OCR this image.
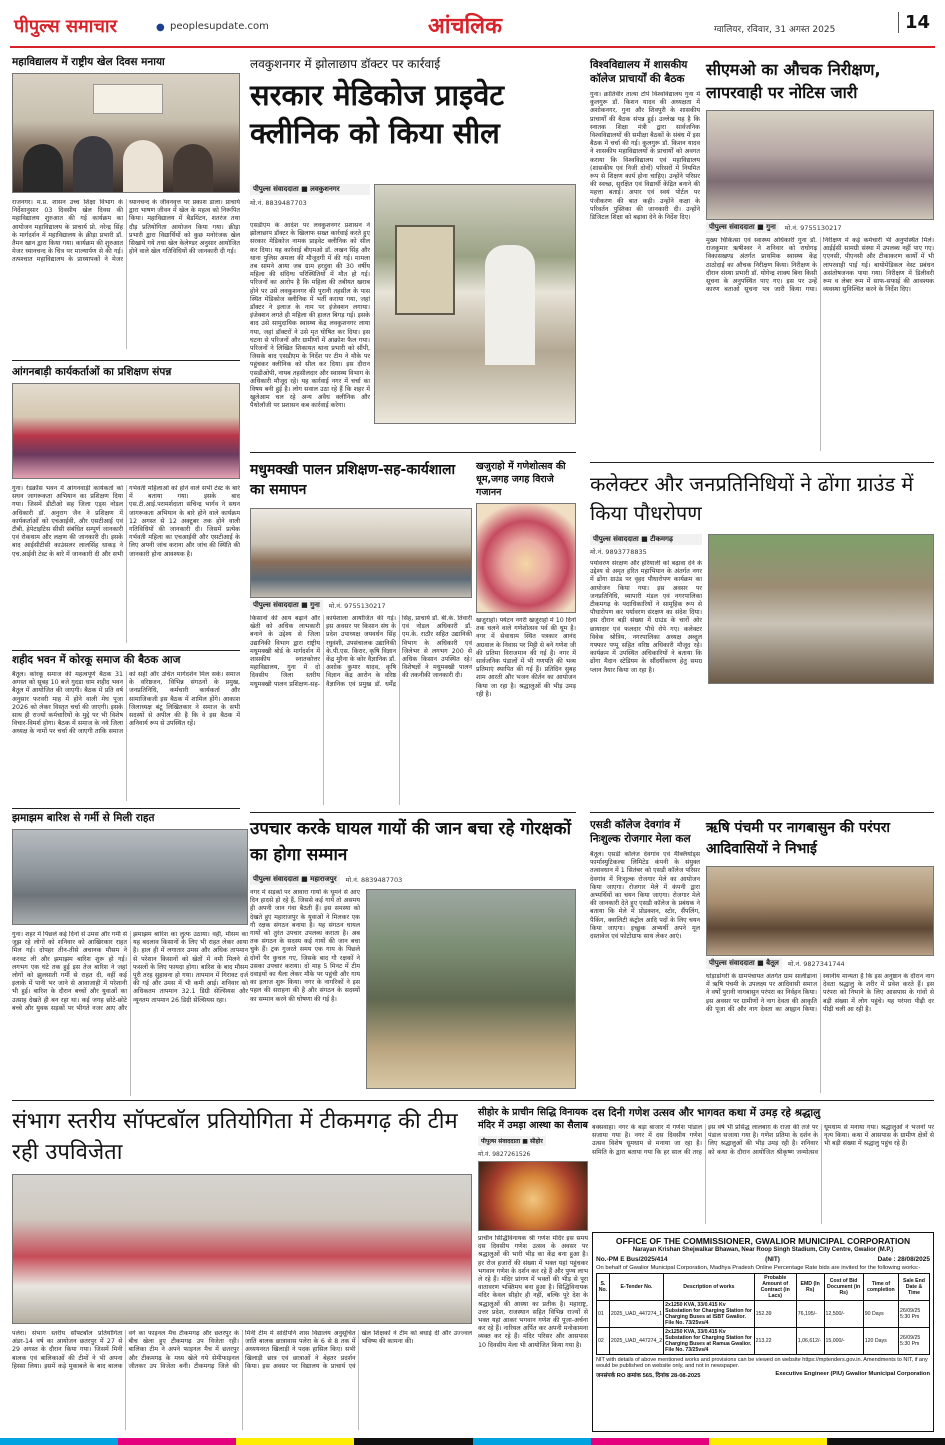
पीपुल्स समाचार	● peoplesupdate.com	आंचलिक	ग्वालियर, रविवार, 31 अगस्त 2025	14
महाविद्यालय में राष्ट्रीय खेल दिवस मनाया
राजनगर। म.प्र. शासन उच्च शिक्षा विभाग के निर्देशानुसार 03 दिवसीय खेल दिवस की महाविद्यालय शुरुआत की गई कार्यक्रम का आयोजन महाविद्यालय के प्राचार्य प्रो. नरेन्द्र सिंह के मार्गदर्शन में महाविद्यालय के क्रीड़ा प्रभारी डॉ. तैमन खान द्वारा किया गया। कार्यक्रम की शुरुआत मेजर ध्यानचन्द के चित्र पर माल्यार्पण से की गई। तत्पश्चात महाविद्यालय के प्राध्यापकों ने मेजर ध्यानचन्द के जीवनवृत्त पर प्रकाश डाला। प्राचार्य द्वारा भाषण जीवन में खेल के महत्व को निरूपित किया। महाविद्यालय में बैडमिंटन, शतरंज तथा दौड़ प्रतियोगिता आयोजन किया गया। क्रीड़ा प्रभारी द्वारा विद्यार्थियों को कुछ मनोरंजक खेल सिखाये गये तथा खेल केलेण्डर अनुसार आयोजित होने वाले खेल गतिविधियों की जानकारी दी गई।
आंगनबाड़ी कार्यकर्ताओं का प्रशिक्षण संपन्न
गुना। रेडक्रॉस भवन में आंगनवाड़ी कार्यकर्ता को सघन जागरूकता अभियान का प्रशिक्षण दिया गया। जिसमें डीटीओ सह जिला एड्स नोडल अधिकारी डॉ. अनुराग जैन ने प्रशिक्षण में कार्यकर्ताओं को एचआईवी, और एसटीआई एवं टीबी, हेपेटाइटिस सीसी संबंधित सम्पूर्ण जानकारी एवं रोकथाम और लक्षण की जानकारी दी। इसके बाद आईसीटीसी काउंसलर लालसिंह धाकड़ ने एच.आईवी टेस्ट के बारे में जानकारी दी और सभी गर्भवती महिलाओं को होने वाले सभी टेस्ट के बारे में बताया गया। इसके बाद एस.टी.आई.परामर्शदाता सचिन्द्र भार्गव ने सघन जागरूकता अभियान के बारे होने वाले कार्यक्रम 12 अगस्त से 12 अक्टूबर तक होने वाली गतिविधियों की जानकारी दी। जिसमें प्रत्येक गर्भवती महिला का एचआईवी और एसटीआई के लिए अपनी जांच कराना और जांच की स्थिति की जानकारी होना आवश्यक है।
शहीद भवन में कोरकू समाज की बैठक आज
बैतूल। कोरकू समाज की महत्वपूर्ण बैठक 31 अगस्त को सुबह 10 बजे गुदडा धाम शहीद भवन बैतूल में आयोजित की जाएगी। बैठक में प्रति वर्ष अनुसार फरवरी माह में होने वाली मेघ पूजा 2026 को लेकर विस्तृत चर्चा की जाएगी। इसके साथ ही राज्यों कर्मचारियों के मुद्दे पर भी विशेष विचार-विमर्श होगा। बैठक में समाज के नये जिला अध्यक्ष के नामों पर चर्चा की जाएगी ताकि समाज को सही और उचित मार्गदर्शन मिल सके। समाज के वरिष्ठजन, विभिन्न संगठनों के प्रमुख, जनप्रतिनिधि, कर्मचारी कार्यकर्ता और सामाजिकजी इस बैठक में शामिल होंगे। आकाश जिलाध्यक्ष बंटू लिखितकार ने समाज के सभी सदस्यों से अपील की है कि वे इस बैठक में अनिवार्य रूप से उपस्थित रहें।
झमाझम बारिश से गर्मी से मिली राहत
गुना। शहर में पिछले कई दिनों से उमस और गर्मी से जूझ रहे लोगों को शनिवार को आखिरकार राहत मिल गई। दोपहर तीन-तीसे अचानक मौसम ने करवट ली और झमाझम बारिश शुरू हो गई। लगभग एक घंटे तक हुई इस तेज बारिश ने जहां लोगों को झुलसाती गर्मी से राहत दी, वहीं कई इलाके में पानी भर जाने से आवाजाही में परेशानी भी हुई। बारिश के दौरान बच्चों और युवाओं का उत्साह देखते ही बन रहा था। कई जगह छोटे-छोटे बच्चे और युवक सड़कों पर भीगते नजर आए और झमाझम बारिश का लुत्फ उठाया। वहीं, मौसम का यह बदलाव किसानों के लिए भी राहत लेकर आया है। हाल ही में लगातार उमस और अधिक तापमान से परेशान किसानों को खेतों में नमी मिलने से फसलों के लिए फायदा होगा। बारिश के बाद मौसम पूरी तरह सुहावना हो गया। तापमान में गिरावट दर्ज की गई और उमस में भी कमी आई। शनिवार को अधिकतम तापमान 32.1 डिग्री सेल्सियस और न्यूनतम तापमान 26 डिग्री सेल्सियस रहा।
लवकुशनगर में झोलाछाप डॉक्टर पर कार्रवाई
सरकार मेडिकोज प्राइवेट क्लीनिक को किया सील
पीपुल्स संवाददाता ■ लवकुशनगर
मो.नं. 8839487703
एसडीएम के आदेश पर लवकुशनगर प्रशासन ने झोलाछाप डॉक्टर के खिलाफ सख्त कार्रवाई करते हुए सरकार मेडिकोज नामक प्राइवेट क्लीनिक को सील कर दिया। यह कार्रवाई बीएमओ डॉ. लखन सिंह और थाना पुलिस अमला की मौजूदगी में की गई। मामला तब सामने आया जब ग्राम हरदुवा की 30 वर्षीय महिला की संदिग्ध परिस्थितियों में मौत हो गई। परिजनों का आरोप है कि महिला की तबीयत खराब होने पर उसे लवकुशनगर की पुरानी तहसील के पास स्थित मेडिकोज क्लीनिक में भर्ती कराया गया, जहां डॉक्टर ने इलाज के नाम पर इंजेक्शन लगाया। इंजेक्शन लगते ही महिला की हालत बिगड़ गई। इसके बाद उसे सामुदायिक स्वास्थ्य केंद्र लवकुशनगर लाया गया, जहां डॉक्टरों ने उसे मृत घोषित कर दिया। इस घटना से परिजनों और ग्रामीणों में आक्रोश फैल गया। परिजनों ने लिखित शिकायत थाना प्रभारी को सौंपी, जिसके बाद एसडीएम के निर्देश पर टीम ने मौके पर पहुंचकर क्लीनिक को सील कर दिया। इस दौरान एसडीओपी, नायब तहसीलदार और स्वास्थ्य विभाग के अधिकारी मौजूद रहे। यह कार्रवाई नगर में चर्चा का विषय बनी हुई है। लोग सवाल उठा रहे हैं कि शहर में खुलेआम चल रहे अन्य अवैध क्लीनिक और पैथोलॉजी पर प्रशासन कब कार्रवाई करेगा।
मधुमक्खी पालन प्रशिक्षण-सह-कार्यशाला का समापन
पीपुल्स संवाददाता ■ गुना	मो.नं. 9755130217
किसानों की आय बढ़ाने और खेती को अधिक लाभकारी बनाने के उद्देश्य से जिला उद्यानिकी विभाग द्वारा राष्ट्रीय मधुमक्खी बोर्ड के मार्गदर्शन में शासकीय स्नातकोत्तर महाविद्यालय, गुना में दो दिवसीय जिला स्तरीय मधुमक्खी पालन प्रशिक्षण-सह-कार्यशाला आयोजित की गई। इस अवसर पर किसान संघ के प्रदेश उपाध्यक्ष जयवर्धन सिंह रघुवंशी, उपसंचालक उद्यानिकी के.पी.एस. किरार, कृषि विज्ञान केंद्र मुरैना के कोर वैज्ञानिक डॉ. अशोक कुमार यादव, कृषि विज्ञान केंद्र आरोन के वरिष्ठ वैज्ञानिक एवं प्रमुख डॉ. धर्मेंद्र सिंह, प्राचार्य डॉ. बी.के. तिवारी एवं नोडल अधिकारी डॉ. एम.के. राठौर सहित उद्यानिकी विभाग के अधिकारी एवं जिलेभर से लगभग 200 से अधिक किसान उपस्थित रहे। विशेषज्ञों ने मधुमक्खी पालन की तकनीकी जानकारी दी।
खजुराहो में गणेशोत्सव की धूम,जगह जगह विराजे गजानन
खजुराहो। पर्यटन नगरी खजुराहो में 10 दिनों तक चलने वाले गणेशोत्सव पर्व की धूम है। नगर में सेवाधाम स्थित पत्रकार आनंद अग्रवाल के निवास पर मिट्टी से बने गणेश जी की प्रतिमा विराजमान की गई है। नगर में सार्वजनिक पंडालों में भी गणपति की भव्य प्रतिमाएं स्थापित की गई हैं। प्रतिदिन सुबह शाम आरती और भजन कीर्तन का आयोजन किया जा रहा है। श्रद्धालुओं की भीड़ उमड़ रही है।
उपचार करके घायल गायों की जान बचा रहे गोरक्षकों का होगा सम्मान
पीपुल्स संवाददाता ■ महाराजपुर	मो.नं. 8839487703
नगर में सड़कों पर आवारा गायों के घूमने से आए दिन हादसे हो रहे हैं, जिससे कई गायें तो असमय ही अपनी जान गंवा बैठती हैं। इस समस्या को देखते हुए महाराजपुर के युवाओं ने मिलकर एक गौ रक्षक संगठन बनाया है। यह संगठन घायल गायों को तुरंत उपचार उपलब्ध कराता है। अब तक संगठन के सदस्य कई गायों की जान बचा चुके हैं। ट्रक गुजरते समय एक गाय के पिछले दोनों पैर कुचल गए, जिसके बाद गौ रक्षकों ने उसका उपचार कराया। दो माह 5 मिनट में टीम दवाइयों का थैला लेकर मौके पर पहुंची और गाय का इलाज शुरू किया। नगर के नागरिकों ने इस पहल की सराहना की है और संगठन के सदस्यों का सम्मान करने की घोषणा की गई है।
संभाग स्तरीय सॉफ्टबॉल प्रतियोगिता में टीकमगढ़ की टीम रही उपविजेता
पलेरा। संभाग स्तरीय सॉफ्टबॉल प्रतियोगिता अंडर-14 वर्ष का आयोजन छतरपुर में 27 से 29 अगस्त के दौरान किया गया। जिसमें मिनी बालक एवं बालिकाओं की टीमों ने भी अपना हिस्सा लिया। इसमें कड़े मुकाबले के बाद बालक वर्ग का फाइनल मैच टीकमगढ़ और छतरपुर के बीच खेला हुए टीकमगढ़ उप विजेता रही। बालिका टीम ने अपने फाइनल मैच में छतरपुर और टीकमगढ़ के मध्य खेले गये सेमीफाइनल जीतकर उप विजेता बनी। टीकमगढ़ जिले की मिनी टीम में सांदीपनि शास विद्यालय अनुसूचित जाति बालक छात्रावास पलेरा के 6 से 8 तक में अध्ययनरत खिलाड़ी ने पदक हासिल किए। सभी खिलाड़ी छात्र एवं छात्राओं ने बेहतर प्रदर्शन किया। इस अवसर पर विद्यालय के प्राचार्य एवं खेल शिक्षकों ने टीम को बधाई दी और उज्ज्वल भविष्य की कामना की।
विश्वविद्यालय में शासकीय कॉलेज प्राचार्यों की बैठक
गुना। क्रांतिवीर तात्या टोपे विश्वविद्यालय गुना में कुलगुरू डॉ. किशन यादव की अध्यक्षता में अशोकनगर, गुना और शिवपुरी के शासकीय प्राचार्यों की बैठक संपन्न हुई। उल्लेख यह है कि स्नातक शिक्षा मंत्री द्वारा सार्वजनिक विश्वविद्यालयों की समीक्षा बैठकों के संबंध में इस बैठक में चर्चा की गई। कुलगुरू डॉ. किशन यादव ने शासकीय महाविद्यालयों के प्राचार्यों को अवगत कराया कि विश्वविद्यालय एवं महाविद्यालय (शासकीय एवं निजी दोनों) परिसरों में नियमित रूप से शिक्षण कार्य होना चाहिए। उन्होंने परिसर की स्वच्छ, सुरक्षित एवं विद्यार्थी केंद्रित बनाने की महत्ता बताई। अपार एवं स्वयं पोर्टल पर पंजीकरण की बात कही। उन्होंने कक्षा के परिवर्तन पुस्तिका की जानकारी दी। उन्होंने डिजिटल शिक्षा को बढ़ावा देने के निर्देश दिए।
सीएमओ का औचक निरीक्षण, लापरवाही पर नोटिस जारी
पीपुल्स संवाददाता ■ गुना	मो.नं. 9755130217
मुख्य चिकित्सा एवं स्वास्थ्य अधिकारी गुना डॉ. राजकुमार ऋषीश्वर ने शनिवार को राघोगढ़ विकासखण्ड अंतर्गत प्राथमिक स्वास्थ्य केंद्र ठाठोदाई का औचक निरीक्षण किया। निरीक्षण के दौरान संस्था प्रभारी डॉ. योगेन्द्र शाक्य बिना किसी सूचना के अनुपस्थित पाए गए। इस पर उन्हें कारण बताओ सूचना पत्र जारी किया गया। निरीक्षण में कई कर्मचारी भी अनुपस्थित मिले। आईईसी सामग्री संस्था में उपलब्ध नहीं पाए गए। एएनसी, पीएनसी और टीकाकरण कार्यों में भी लापरवाही पाई गई। बायोमेडिकल वेस्ट प्रबंधन असंतोषजनक पाया गया। निरीक्षण में डिलीवरी रूम व लेबर रूम में साफ-सफाई की आवश्यक व्यवस्था सुनिश्चित करने के निर्देश दिए।
कलेक्टर और जनप्रतिनिधियों ने ढोंगा ग्राउंड में किया पौधरोपण
पीपुल्स संवाददाता ■ टीकमगढ़
मो.नं. 9893778835
पर्यावरण संरक्षण और हरियाली को बढ़ावा देने के उद्देश्य से अमृत हरित महाभियान के अंतर्गत नगर में ढोंगा ग्राउंड पर वृहद पौधारोपण कार्यक्रम का आयोजन किया गया। इस अवसर पर जनप्रतिनिधि, व्यापारी मंडल एवं नगरपालिका टीकमगढ़ के पदाधिकारियों ने सामूहिक रूप से पौधारोपण कर पर्यावरण संरक्षण का संदेश दिया। इस दौरान बड़ी संख्या में ग्राउंड के चारों ओर छायादार एवं फलदार पौधे रोपे गए। कलेक्टर विवेक श्रोत्रिय, नगरपालिका अध्यक्ष अब्दुल गफ्फार पप्पू सहित वरिष्ठ अधिकारी मौजूद रहे। कार्यक्रम में उपस्थित अधिकारियों ने बताया कि ढोंगा मैदान स्टेडियम के सौंदर्यीकरण हेतु समग्र प्लान तैयार किया जा रहा है।
एसडी कॉलेज देवगांव में निःशुल्क रोजगार मेला कल
बैतूल। एसडी कॉलेज देवगांव एवं मैक्लियोड्स फार्मास्युटिकल्स लिमिटेड कंपनी के संयुक्त तत्वावधान में 1 सितंबर को एसडी कॉलेज परिसर देवगांव में निःशुल्क रोजगार मेले का आयोजन किया जाएगा। रोजगार मेले में कंपनी द्वारा अभ्यर्थियों का चयन किया जाएगा। रोजगार मेले की जानकारी देते हुए एसडी कॉलेज के प्रबंधक ने बताया कि मेले में प्रोडक्शन, स्टोर, सैंपलिंग, पैकिंग, क्वालिटी कंट्रोल आदि पदों के लिए चयन किया जाएगा। इच्छुक अभ्यर्थी अपने मूल दस्तावेज एवं फोटोग्राफ साथ लेकर आएं।
ऋषि पंचमी पर नागबासुन की परंपरा आदिवासियों ने निभाई
पीपुल्स संवाददाता ■ बैतूल	मो.नं. 9827341744
घोड़ाडोंगरी के ग्रामपंचायत अंतर्गत ग्राम सालीढाना में ऋषि पंचमी के उपलक्ष्य पर आदिवासी समाज ने वर्षों पुरानी नागबासुन परंपरा का निर्वहन किया। इस अवसर पर ग्रामीणों ने नाग देवता की आकृति की पूजा की और नाग देवता का आह्वान किया। स्थानीय मान्यता है कि इस अनुष्ठान के दौरान नाग देवता श्रद्धालु के शरीर में प्रवेश करते हैं। इस परंपरा को निभाने के लिए आसपास के गांवों से बड़ी संख्या में लोग पहुंचे। यह परंपरा पीढ़ी दर पीढ़ी चली आ रही है।
सीहोर के प्राचीन सिद्धि विनायक मंदिर में उमड़ा आस्था का सैलाब
पीपुल्स संवाददाता ■ सीहोर
मो.नं. 9827261526
प्राचीन सिद्धिविनायक श्री गणेश मंदिर इस समय दस दिवसीय गणेश उत्सव के अवसर पर श्रद्धालुओं की भारी भीड़ का केंद्र बना हुआ है। हर रोज हजारों की संख्या में भक्त यहां पहुंचकर भगवान गणेश के दर्शन कर रहे हैं और पुण्य लाभ ले रहे हैं। मंदिर प्रांगण में भक्तों की भीड़ से पूरा वातावरण भक्तिमय बना हुआ है। सिद्धिविनायक मंदिर केवल सीहोर ही नहीं, बल्कि पूरे देश के श्रद्धालुओं की आस्था का प्रतीक है। महाराष्ट्र, उत्तर प्रदेश, राजस्थान सहित विभिन्न राज्यों से भक्त यहां आकर भगवान गणेश की पूजा-अर्चना कर रहे हैं। नारियल अर्पित कर अपनी मनोकामना व्यक्त कर रहे हैं। मंदिर परिसर और आसपास 10 दिवसीय मेला भी आयोजित किया गया है।
दस दिनी गणेश उत्सव और भागवत कथा में उमड़ रहे श्रद्धालु
बक्सवाहा। नगर के बड़ा बाजार में गणेश पांडाल सजाया गया है। नगर में दस दिवसीय गणेश उत्सव विशेष धूमधाम से मनाया जा रहा है। समिति के द्वारा बताया गया कि हर साल की तरह इस वर्ष भी प्रसिद्ध लालबाग़ के राजा की तर्ज पर पंडाल सजाया गया है। गणेश प्रतिमा के दर्शन के लिए श्रद्धालुओं की भीड़ उमड़ रही है। शनिवार को कथा के दौरान आयोजित श्रीकृष्ण जन्मोत्सव धूमधाम से मनाया गया। श्रद्धालुओं ने भजनों पर नृत्य किया। कथा में आसपास के ग्रामीण क्षेत्रों से भी बड़ी संख्या में श्रद्धालु पहुंच रहे हैं।
OFFICE OF THE COMMISSIONER, GWALIOR MUNICIPAL CORPORATION
Narayan Krishan Shejwalkar Bhawan, Near Roop Singh Stadium, City Centre, Gwalior (M.P.)
No.-PM E Bus/2025/414	(NIT)	Date : 28/08/2025
On behalf of Gwalior Municipal Corporation, Madhya Pradesh Online Percentage Rate bids are invited for the following works:-
S. No.	E-Tender No.	Description of works	Probable Amount of Contract (in Lacs)	EMD (In Rs)	Cost of Bid Document (in Rs)	Time of completion	Sale End Date & Time
01	2025_UAD_447274_1	2x1250 KVA, 33/0.415 Kv Substation for Charging Station for Charging Buses at ISBT Gwalior. File No. 73/25vs/4	152.39	76,195/-	12,500/-	90 Days	26/09/25 5:30 Pm
02	2025_UAD_447274_2	2x1250 KVA, 33/0.415 Kv Substation for Charging Station for Charging Buses at Ramua Gwalior. File No. 73/25vs/4	213.22	1,06,612/-	15,000/-	120 Days	26/09/25 5:30 Pm
NIT with details of above mentioned works and provisions can be viewed on website https://mptenders.gov.in. Amendments to NIT, if any would be published on website only, and not in newspaper.
जनसंपर्क RO क्रमांक 565, दिनांक 28-08-2025	Executive Engineer (PIU) Gwalior Municipal Corporation
